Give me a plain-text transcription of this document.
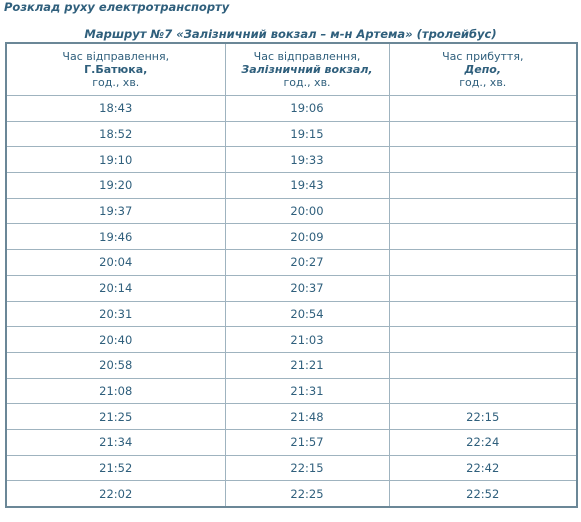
Розклад руху електротранспорту
Маршрут №7 «Залізничний вокзал – м-н Артема» (тролейбус)
Час відправлення,
Г.Батюка,
год., хв.	Час відправлення,
Залізничний вокзал,
год., хв.	Час прибуття,
Депо,
год., хв.

18:43	19:06	
18:52	19:15	
19:10	19:33	
19:20	19:43	
19:37	20:00	
19:46	20:09	
20:04	20:27	
20:14	20:37	
20:31	20:54	
20:40	21:03	
20:58	21:21	
21:08	21:31	
21:25	21:48	22:15
21:34	21:57	22:24
21:52	22:15	22:42
22:02	22:25	22:52
